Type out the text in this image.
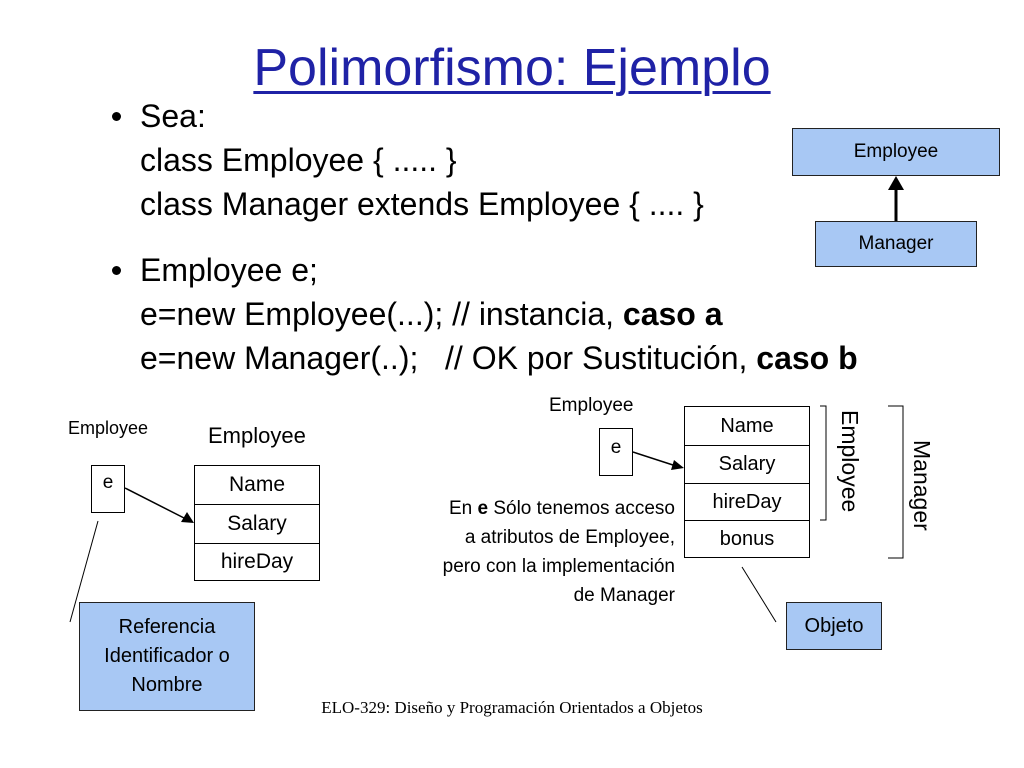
Polimorfismo: Ejemplo
Sea:
class Employee { ..... }
class Manager extends Employee { .... }
Employee e;
e=new Employee(...); // instancia, caso a
e=new Manager(..);   // OK por Sustitución, caso b
Employee
Manager
Employee	Employee
e	Name
Salary
hireDay
Employee
e
Name
Salary
hireDay
bonus
Employee Manager
En e Sólo tenemos acceso
a atributos de Employee,
pero con la implementación
de Manager
Referencia
Identificador o
Nombre
Objeto
ELO-329: Diseño y Programación Orientados a Objetos
